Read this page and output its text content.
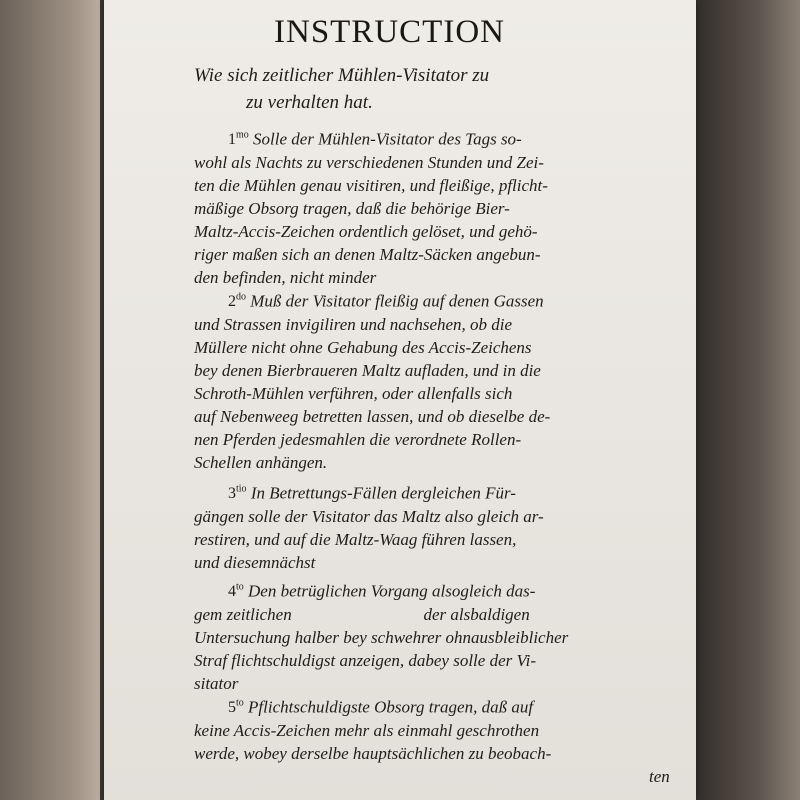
INSTRUCTION
Wie sich zeitlicher Mühlen-Visitator zu
zu verhalten hat.
$1^{mo}$ Solle der Mühlen-Visitator des Tags so-
wohl als Nachts zu verschiedenen Stunden und Zei-
ten die Mühlen genau visitiren, und fleißige, pflicht-
mäßige Obsorg tragen, daß die behörige Bier-
Maltz-Accis-Zeichen ordentlich gelöset, und gehö-
riger maßen sich an denen Maltz-Säcken angebun-
den befinden, nicht minder
$2^{do}$ Muß der Visitator fleißig auf denen Gassen
und Strassen invigiliren und nachsehen, ob die
Müllere nicht ohne Gehabung des Accis-Zeichens
bey denen Bierbraueren Maltz aufladen, und in die
Schroth-Mühlen verführen, oder allenfalls sich
auf Nebenweeg betretten lassen, und ob dieselbe de-
nen Pferden jedesmahlen die verordnete Rollen-
Schellen anhängen.
$3^{tio}$ In Betrettungs-Fällen dergleichen Für-
gängen solle der Visitator das Maltz also gleich ar-
restiren, und auf die Maltz-Waag führen lassen,
und diesemnächst
$4^{to}$ Den betrüglichen Vorgang alsogleich das-
gem zeitlichen                               der alsbaldigen
Untersuchung halber bey schwehrer ohnausbleiblicher
Straf flichtschuldigst anzeigen, dabey solle der Vi-
sitator
$5^{to}$ Pflichtschuldigste Obsorg tragen, daß auf
keine Accis-Zeichen mehr als einmahl geschrothen
werde, wobey derselbe hauptsächlichen zu beobach-
ten
